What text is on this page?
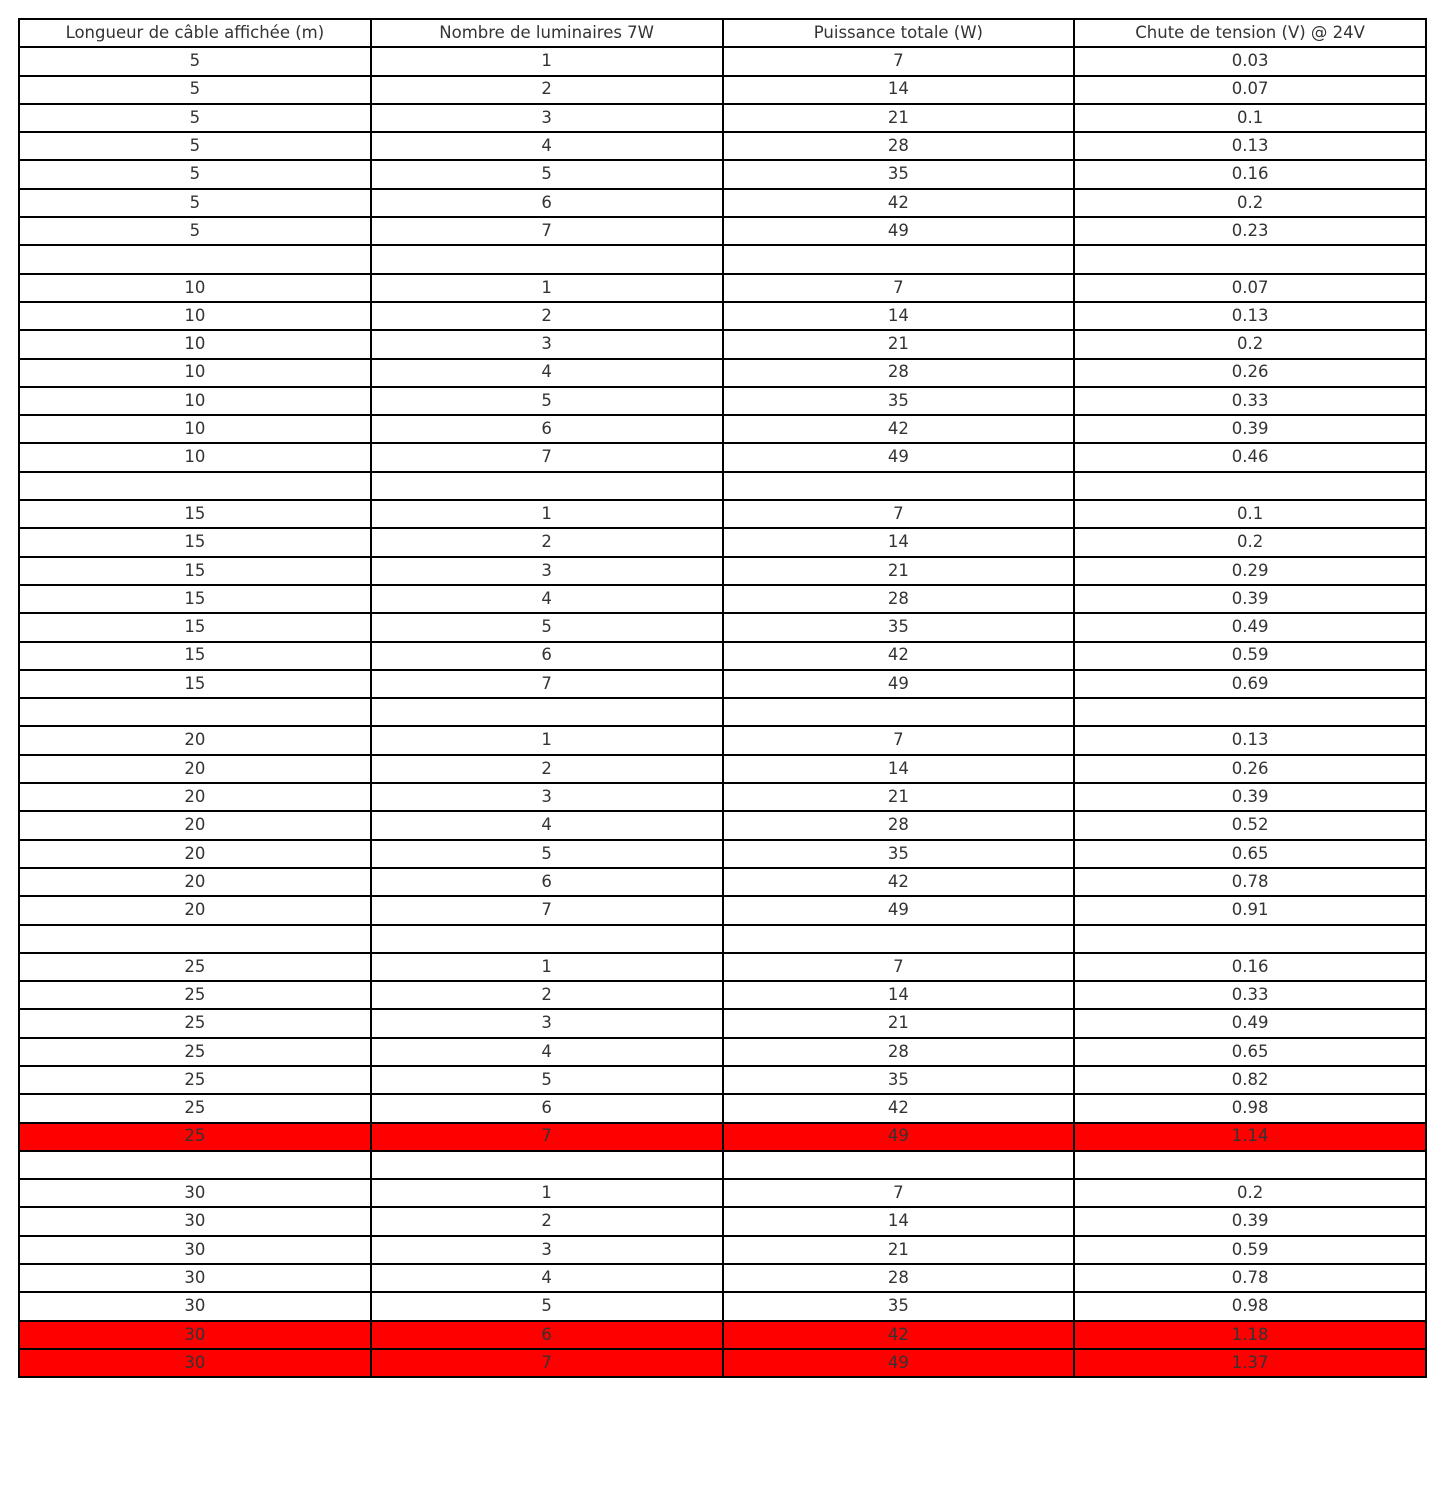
Longueur de câble affichée (m)	Nombre de luminaires 7W	Puissance totale (W)	Chute de tension (V) @ 24V
5	1	7	0.03
5	2	14	0.07
5	3	21	0.1
5	4	28	0.13
5	5	35	0.16
5	6	42	0.2
5	7	49	0.23

10	1	7	0.07
10	2	14	0.13
10	3	21	0.2
10	4	28	0.26
10	5	35	0.33
10	6	42	0.39
10	7	49	0.46

15	1	7	0.1
15	2	14	0.2
15	3	21	0.29
15	4	28	0.39
15	5	35	0.49
15	6	42	0.59
15	7	49	0.69

20	1	7	0.13
20	2	14	0.26
20	3	21	0.39
20	4	28	0.52
20	5	35	0.65
20	6	42	0.78
20	7	49	0.91

25	1	7	0.16
25	2	14	0.33
25	3	21	0.49
25	4	28	0.65
25	5	35	0.82
25	6	42	0.98
25	7	49	1.14

30	1	7	0.2
30	2	14	0.39
30	3	21	0.59
30	4	28	0.78
30	5	35	0.98
30	6	42	1.18
30	7	49	1.37
